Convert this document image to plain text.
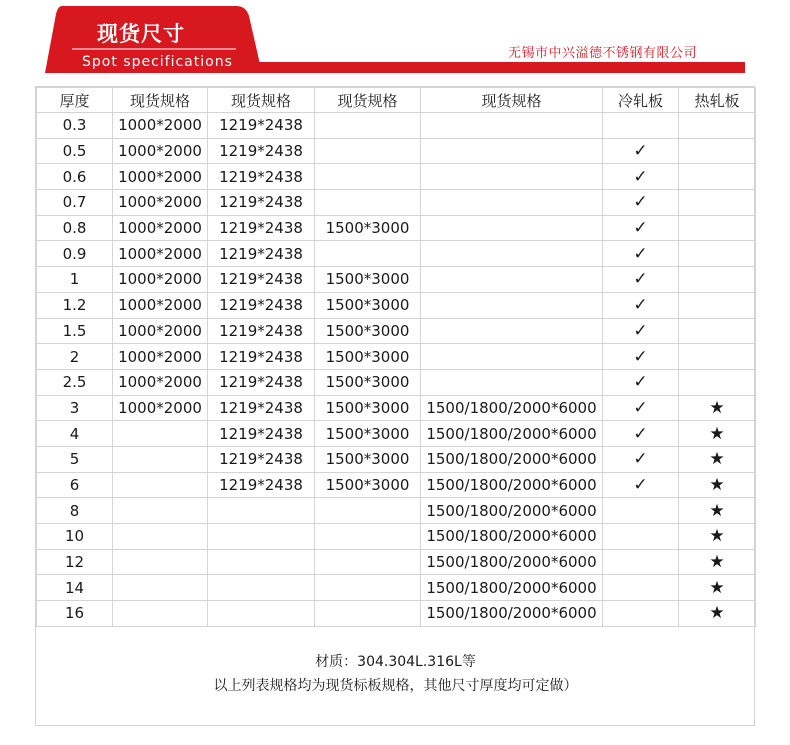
现货尺寸
Spot specifications
无锡市中兴溢德不锈钢有限公司
厚度	现货规格	现货规格	现货规格	现货规格	冷轧板	热轧板
0.3	1000*2000	1219*2438				
0.5	1000*2000	1219*2438			✓	
0.6	1000*2000	1219*2438			✓	
0.7	1000*2000	1219*2438			✓	
0.8	1000*2000	1219*2438	1500*3000		✓	
0.9	1000*2000	1219*2438			✓	
1	1000*2000	1219*2438	1500*3000		✓	
1.2	1000*2000	1219*2438	1500*3000		✓	
1.5	1000*2000	1219*2438	1500*3000		✓	
2	1000*2000	1219*2438	1500*3000		✓	
2.5	1000*2000	1219*2438	1500*3000		✓	
3	1000*2000	1219*2438	1500*3000	1500/1800/2000*6000	✓	★
4		1219*2438	1500*3000	1500/1800/2000*6000	✓	★
5		1219*2438	1500*3000	1500/1800/2000*6000	✓	★
6		1219*2438	1500*3000	1500/1800/2000*6000	✓	★
8				1500/1800/2000*6000		★
10				1500/1800/2000*6000		★
12				1500/1800/2000*6000		★
14				1500/1800/2000*6000		★
16				1500/1800/2000*6000		★
材质：304.304L.316L等
以上列表规格均为现货标板规格，其他尺寸厚度均可定做）
